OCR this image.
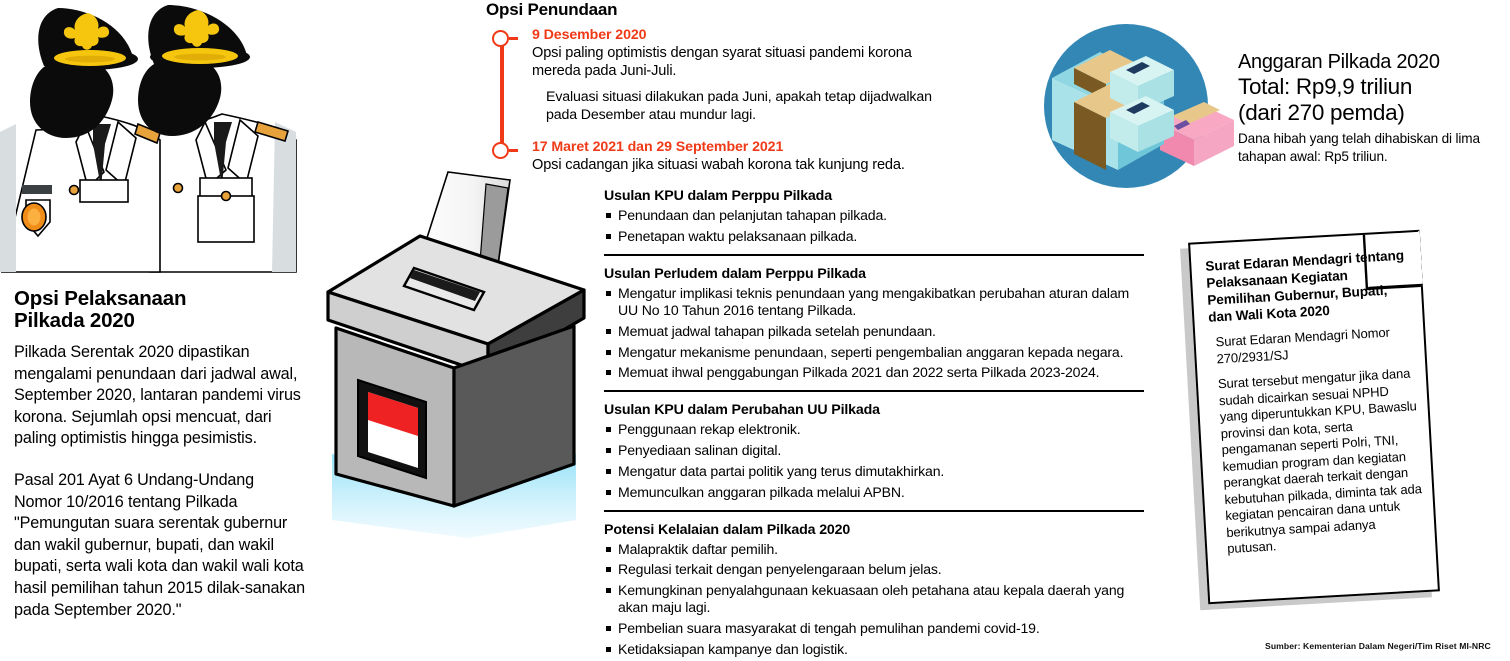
Opsi Pelaksanaan
Pilkada 2020

Pilkada Serentak 2020 dipastikan mengalami penundaan dari jadwal awal, September 2020, lantaran pandemi virus korona. Sejumlah opsi mencuat, dari paling optimistis hingga pesimistis.

Pasal 201 Ayat 6 Undang-Undang Nomor 10/2016 tentang Pilkada "Pemungutan suara serentak gubernur dan wakil gubernur, bupati, dan wakil bupati, serta wali kota dan wakil wali kota hasil pemilihan tahun 2015 dilak-sanakan pada September 2020."

Opsi Penundaan

9 Desember 2020

Opsi paling optimistis dengan syarat situasi pandemi korona mereda pada Juni-Juli.

Evaluasi situasi dilakukan pada Juni, apakah tetap dijadwalkan pada Desember atau mundur lagi.

17 Maret 2021 dan 29 September 2021

Opsi cadangan jika situasi wabah korona tak kunjung reda.

Usulan KPU dalam Perppu Pilkada

Penundaan dan pelanjutan tahapan pilkada.
Penetapan waktu pelaksanaan pilkada.

Usulan Perludem dalam Perppu Pilkada

Mengatur implikasi teknis penundaan yang mengakibatkan perubahan aturan dalam UU No 10 Tahun 2016 tentang Pilkada.
Memuat jadwal tahapan pilkada setelah penundaan.
Mengatur mekanisme penundaan, seperti pengembalian anggaran kepada negara.
Memuat ihwal penggabungan Pilkada 2021 dan 2022 serta Pilkada 2023-2024.

Usulan KPU dalam Perubahan UU Pilkada

Penggunaan rekap elektronik.
Penyediaan salinan digital.
Mengatur data partai politik yang terus dimutakhirkan.
Memunculkan anggaran pilkada melalui APBN.

Potensi Kelalaian dalam Pilkada 2020

Malapraktik daftar pemilih.
Regulasi terkait dengan penyelengaraan belum jelas.
Kemungkinan penyalahgunaan kekuasaan oleh petahana atau kepala daerah yang akan maju lagi.
Pembelian suara masyarakat di tengah pemulihan pandemi covid-19.
Ketidaksiapan kampanye dan logistik.

Anggaran Pilkada 2020

Total: Rp9,9 triliun

(dari 270 pemda)

Dana hibah yang telah dihabiskan di lima tahapan awal: Rp5 triliun.

Surat Edaran Mendagri tentang Pelaksanaan Kegiatan Pemilihan Gubernur, Bupati, dan Wali Kota 2020

Surat Edaran Mendagri Nomor 270/2931/SJ

Surat tersebut mengatur jika dana sudah dicairkan sesuai NPHD yang diperuntukkan KPU, Bawaslu provinsi dan kota, serta pengamanan seperti Polri, TNI, kemudian program dan kegiatan perangkat daerah terkait dengan kebutuhan pilkada, diminta tak ada kegiatan pencairan dana untuk berikutnya sampai adanya putusan.

Sumber: Kementerian Dalam Negeri/Tim Riset MI-NRC
